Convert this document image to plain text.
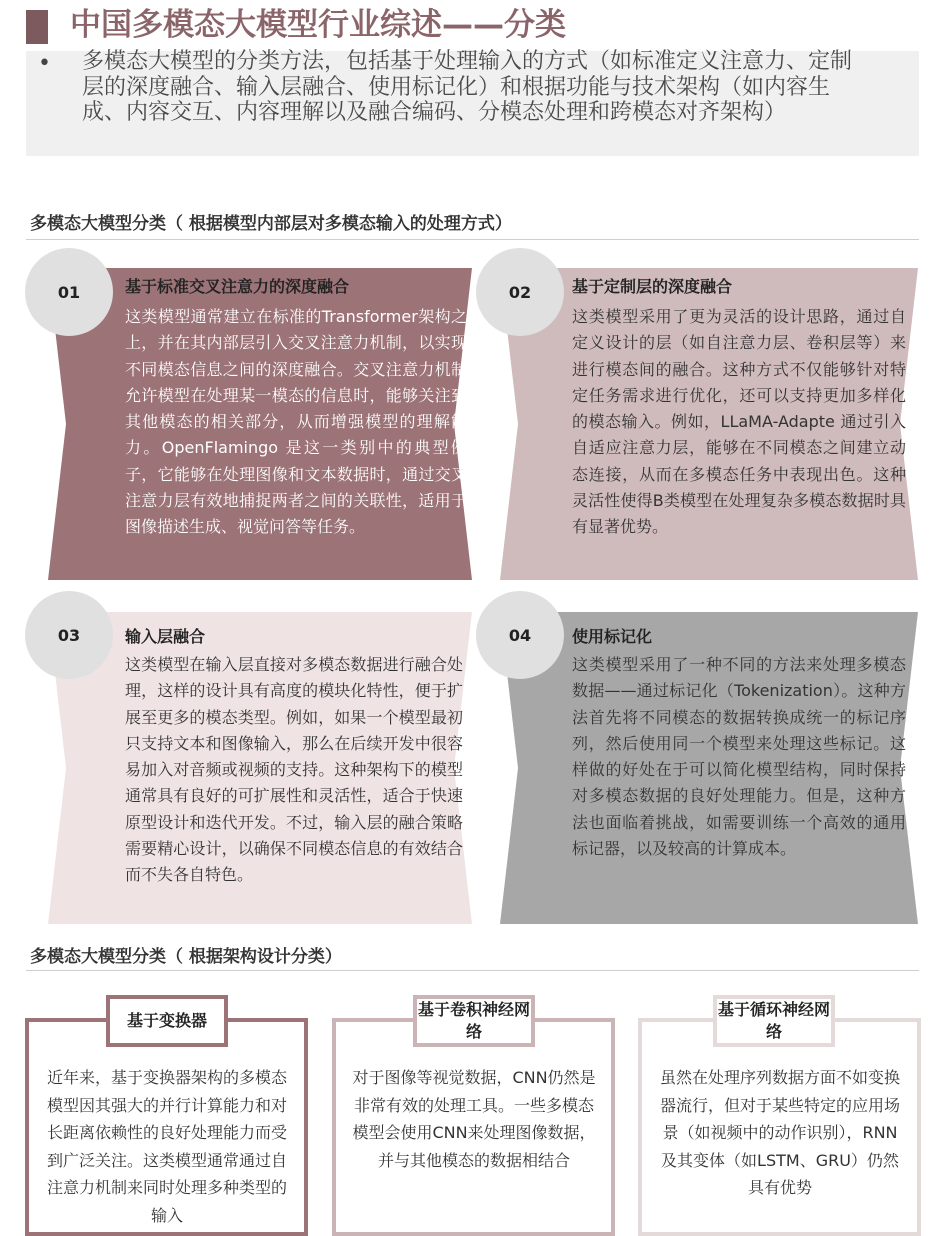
中国多模态大模型行业综述——分类
• 多模态大模型的分类方法，包括基于处理输入的方式（如标准定义注意力、定制层的深度融合、输入层融合、使用标记化）和根据功能与技术架构（如内容生成、内容交互、内容理解以及融合编码、分模态处理和跨模态对齐架构）
多模态大模型分类（ 根据模型内部层对多模态输入的处理方式）
01	基于标准交叉注意力的深度融合
这类模型通常建立在标准的Transformer架构之上，并在其内部层引入交叉注意力机制，以实现不同模态信息之间的深度融合。交叉注意力机制允许模型在处理某一模态的信息时，能够关注到其他模态的相关部分，从而增强模型的理解能力。OpenFlamingo 是这一类别中的典型例子，它能够在处理图像和文本数据时，通过交叉注意力层有效地捕捉两者之间的关联性，适用于图像描述生成、视觉问答等任务。
02	基于定制层的深度融合
这类模型采用了更为灵活的设计思路，通过自定义设计的层（如自注意力层、卷积层等）来进行模态间的融合。这种方式不仅能够针对特定任务需求进行优化，还可以支持更加多样化的模态输入。例如，LLaMA-Adapte 通过引入自适应注意力层，能够在不同模态之间建立动态连接，从而在多模态任务中表现出色。这种灵活性使得B类模型在处理复杂多模态数据时具有显著优势。
03	输入层融合
这类模型在输入层直接对多模态数据进行融合处理，这样的设计具有高度的模块化特性，便于扩展至更多的模态类型。例如，如果一个模型最初只支持文本和图像输入，那么在后续开发中很容易加入对音频或视频的支持。这种架构下的模型通常具有良好的可扩展性和灵活性，适合于快速原型设计和迭代开发。不过，输入层的融合策略需要精心设计，以确保不同模态信息的有效结合而不失各自特色。
04	使用标记化
这类模型采用了一种不同的方法来处理多模态数据——通过标记化（Tokenization）。这种方法首先将不同模态的数据转换成统一的标记序列，然后使用同一个模型来处理这些标记。这样做的好处在于可以简化模型结构，同时保持对多模态数据的良好处理能力。但是，这种方法也面临着挑战，如需要训练一个高效的通用标记器，以及较高的计算成本。
多模态大模型分类（ 根据架构设计分类）
基于变换器
近年来，基于变换器架构的多模态模型因其强大的并行计算能力和对长距离依赖性的良好处理能力而受到广泛关注。这类模型通常通过自注意力机制来同时处理多种类型的输入
基于卷积神经网络
对于图像等视觉数据，CNN仍然是非常有效的处理工具。一些多模态模型会使用CNN来处理图像数据，并与其他模态的数据相结合
基于循环神经网络
虽然在处理序列数据方面不如变换器流行，但对于某些特定的应用场景（如视频中的动作识别），RNN及其变体（如LSTM、GRU）仍然具有优势
